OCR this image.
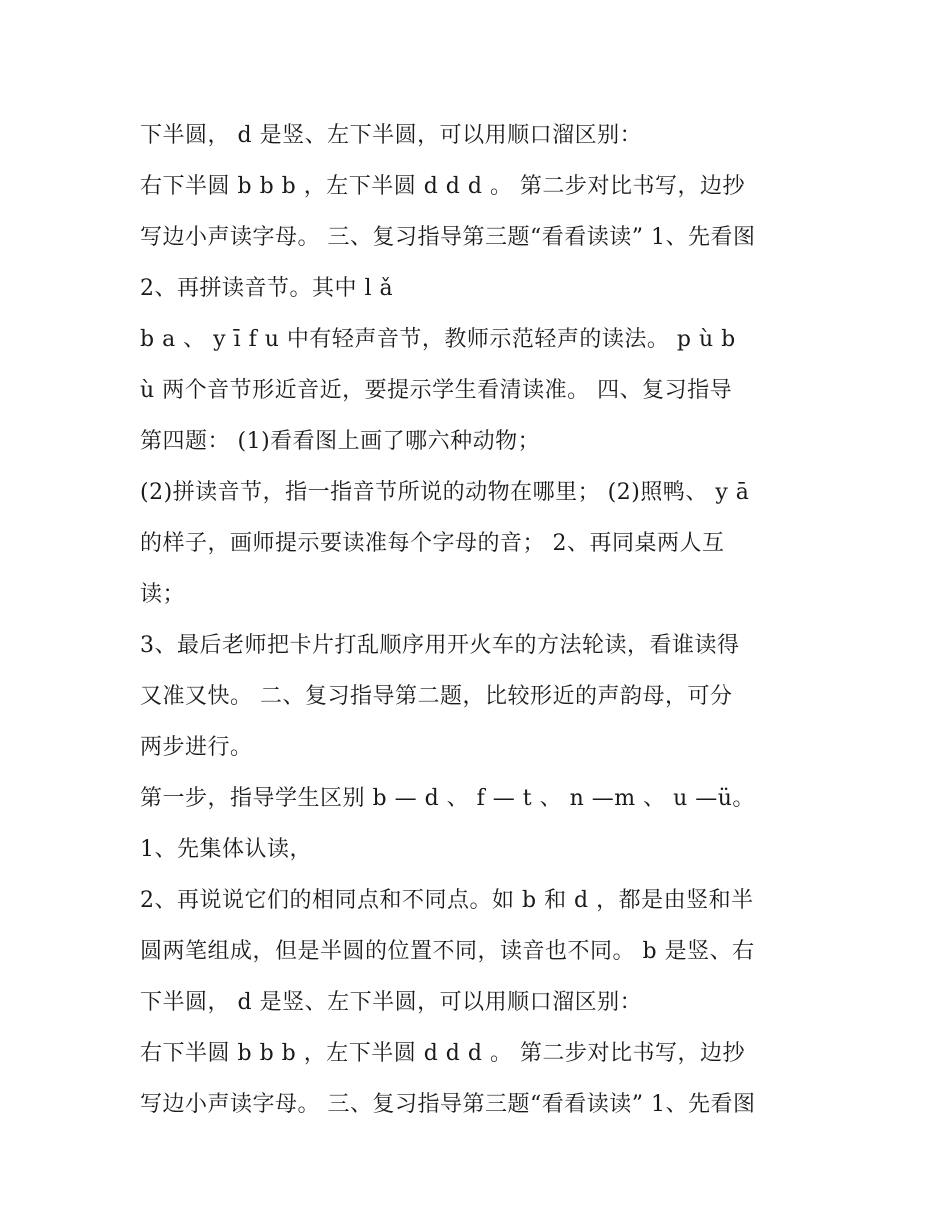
下半圆， d 是竖、左下半圆，可以用顺口溜区别：
右下半圆 b b b ，左下半圆 d d d 。 第二步对比书写，边抄
写边小声读字母。 三、复习指导第三题“看看读读” 1、先看图
2、再拼读音节。其中 l ǎ
b a 、 y ī f u 中有轻声音节，教师示范轻声的读法。 p ù b
ù 两个音节形近音近，要提示学生看清读准。 四、复习指导
第四题： (1)看看图上画了哪六种动物；
(2)拼读音节，指一指音节所说的动物在哪里； (2)照鸭、 y ā
的样子，画师提示要读准每个字母的音； 2、再同桌两人互
读；
3、最后老师把卡片打乱顺序用开火车的方法轮读，看谁读得
又准又快。 二、复习指导第二题，比较形近的声韵母，可分
两步进行。
第一步，指导学生区别 b — d 、 f — t 、 n —m 、 u —ü。
1、先集体认读，
2、再说说它们的相同点和不同点。如 b 和 d ，都是由竖和半
圆两笔组成，但是半圆的位置不同，读音也不同。 b 是竖、右
下半圆， d 是竖、左下半圆，可以用顺口溜区别：
右下半圆 b b b ，左下半圆 d d d 。 第二步对比书写，边抄
写边小声读字母。 三、复习指导第三题“看看读读” 1、先看图
